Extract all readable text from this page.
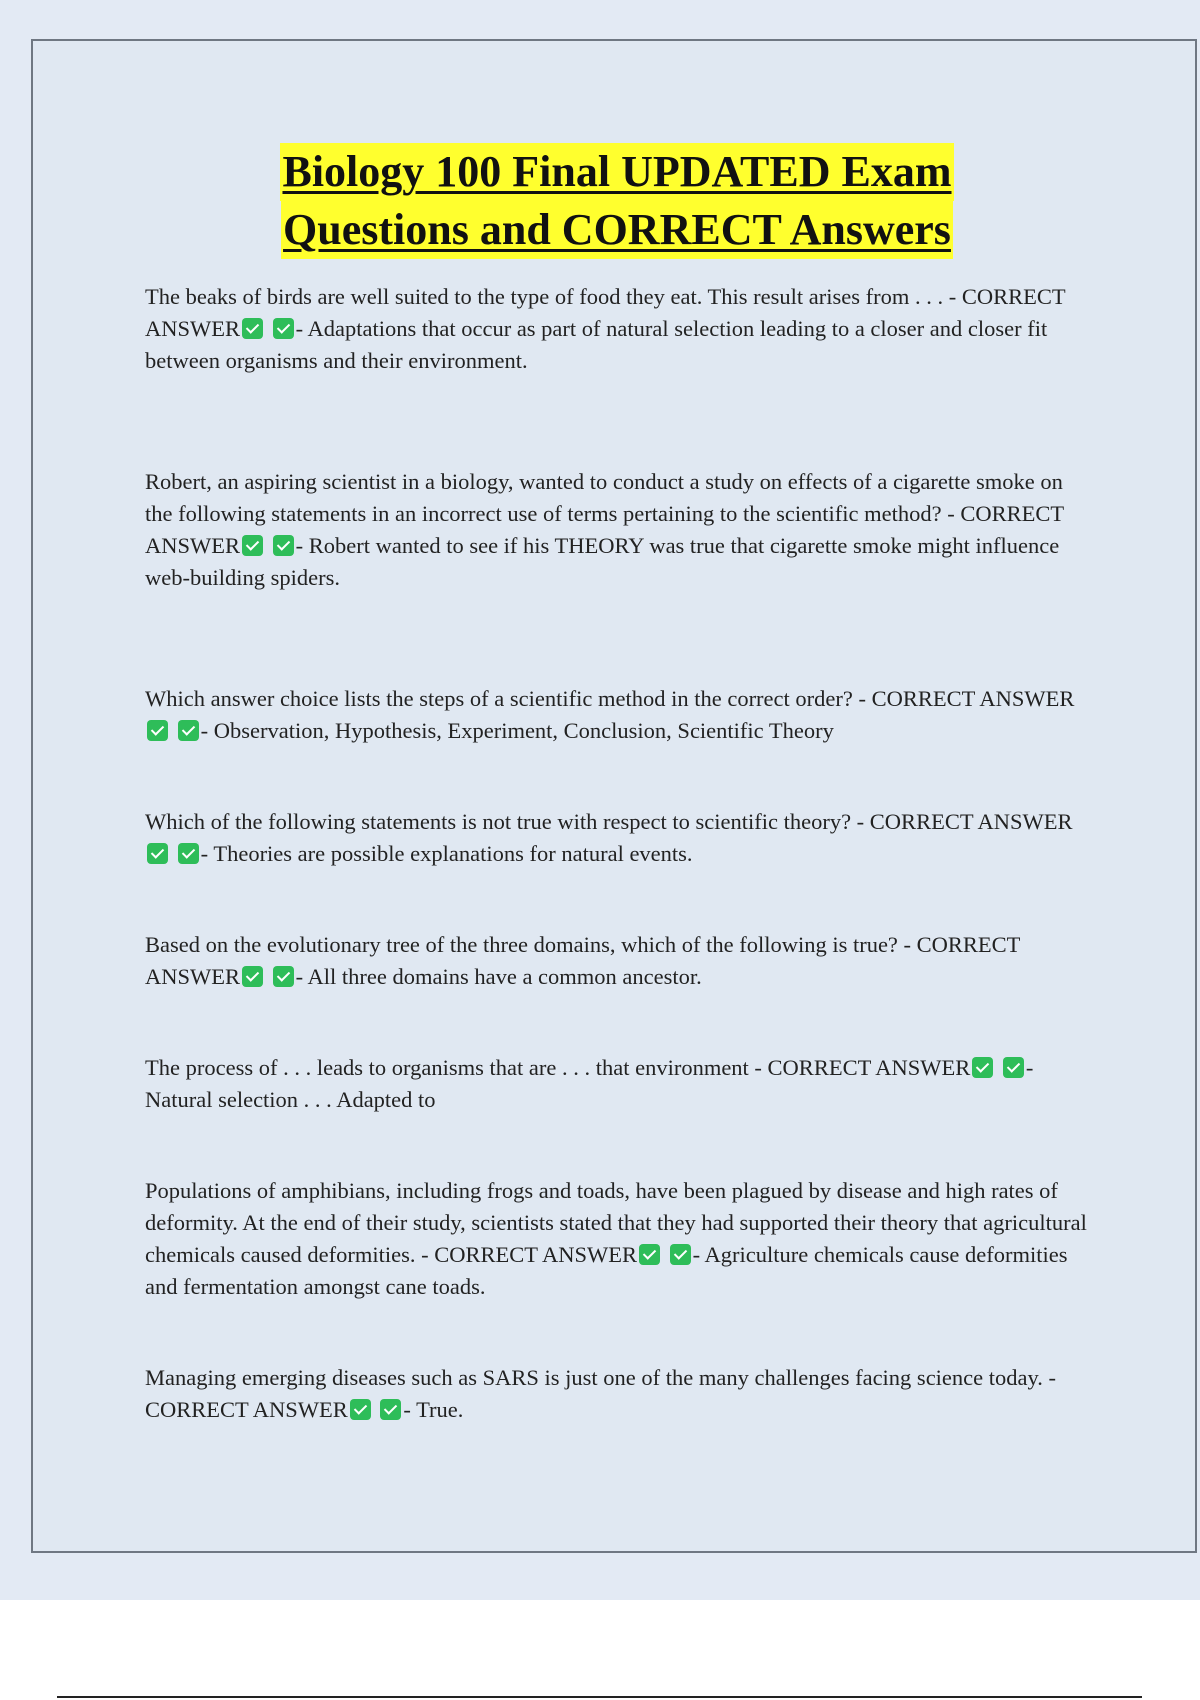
Biology 100 Final UPDATED Exam
Questions and CORRECT Answers
The beaks of birds are well suited to the type of food they eat. This result arises from . . . - CORRECT ANSWER - Adaptations that occur as part of natural selection leading to a closer and closer fit between organisms and their environment.
Robert, an aspiring scientist in a biology, wanted to conduct a study on effects of a cigarette smoke on the following statements in an incorrect use of terms pertaining to the scientific method? - CORRECT ANSWER - Robert wanted to see if his THEORY was true that cigarette smoke might influence web-building spiders.
Which answer choice lists the steps of a scientific method in the correct order? - CORRECT ANSWER - Observation, Hypothesis, Experiment, Conclusion, Scientific Theory
Which of the following statements is not true with respect to scientific theory? - CORRECT ANSWER - Theories are possible explanations for natural events.
Based on the evolutionary tree of the three domains, which of the following is true? - CORRECT ANSWER - All three domains have a common ancestor.
The process of . . . leads to organisms that are . . . that environment - CORRECT ANSWER - Natural selection . . . Adapted to
Populations of amphibians, including frogs and toads, have been plagued by disease and high rates of deformity. At the end of their study, scientists stated that they had supported their theory that agricultural chemicals caused deformities. - CORRECT ANSWER - Agriculture chemicals cause deformities and fermentation amongst cane toads.
Managing emerging diseases such as SARS is just one of the many challenges facing science today. - CORRECT ANSWER - True.
